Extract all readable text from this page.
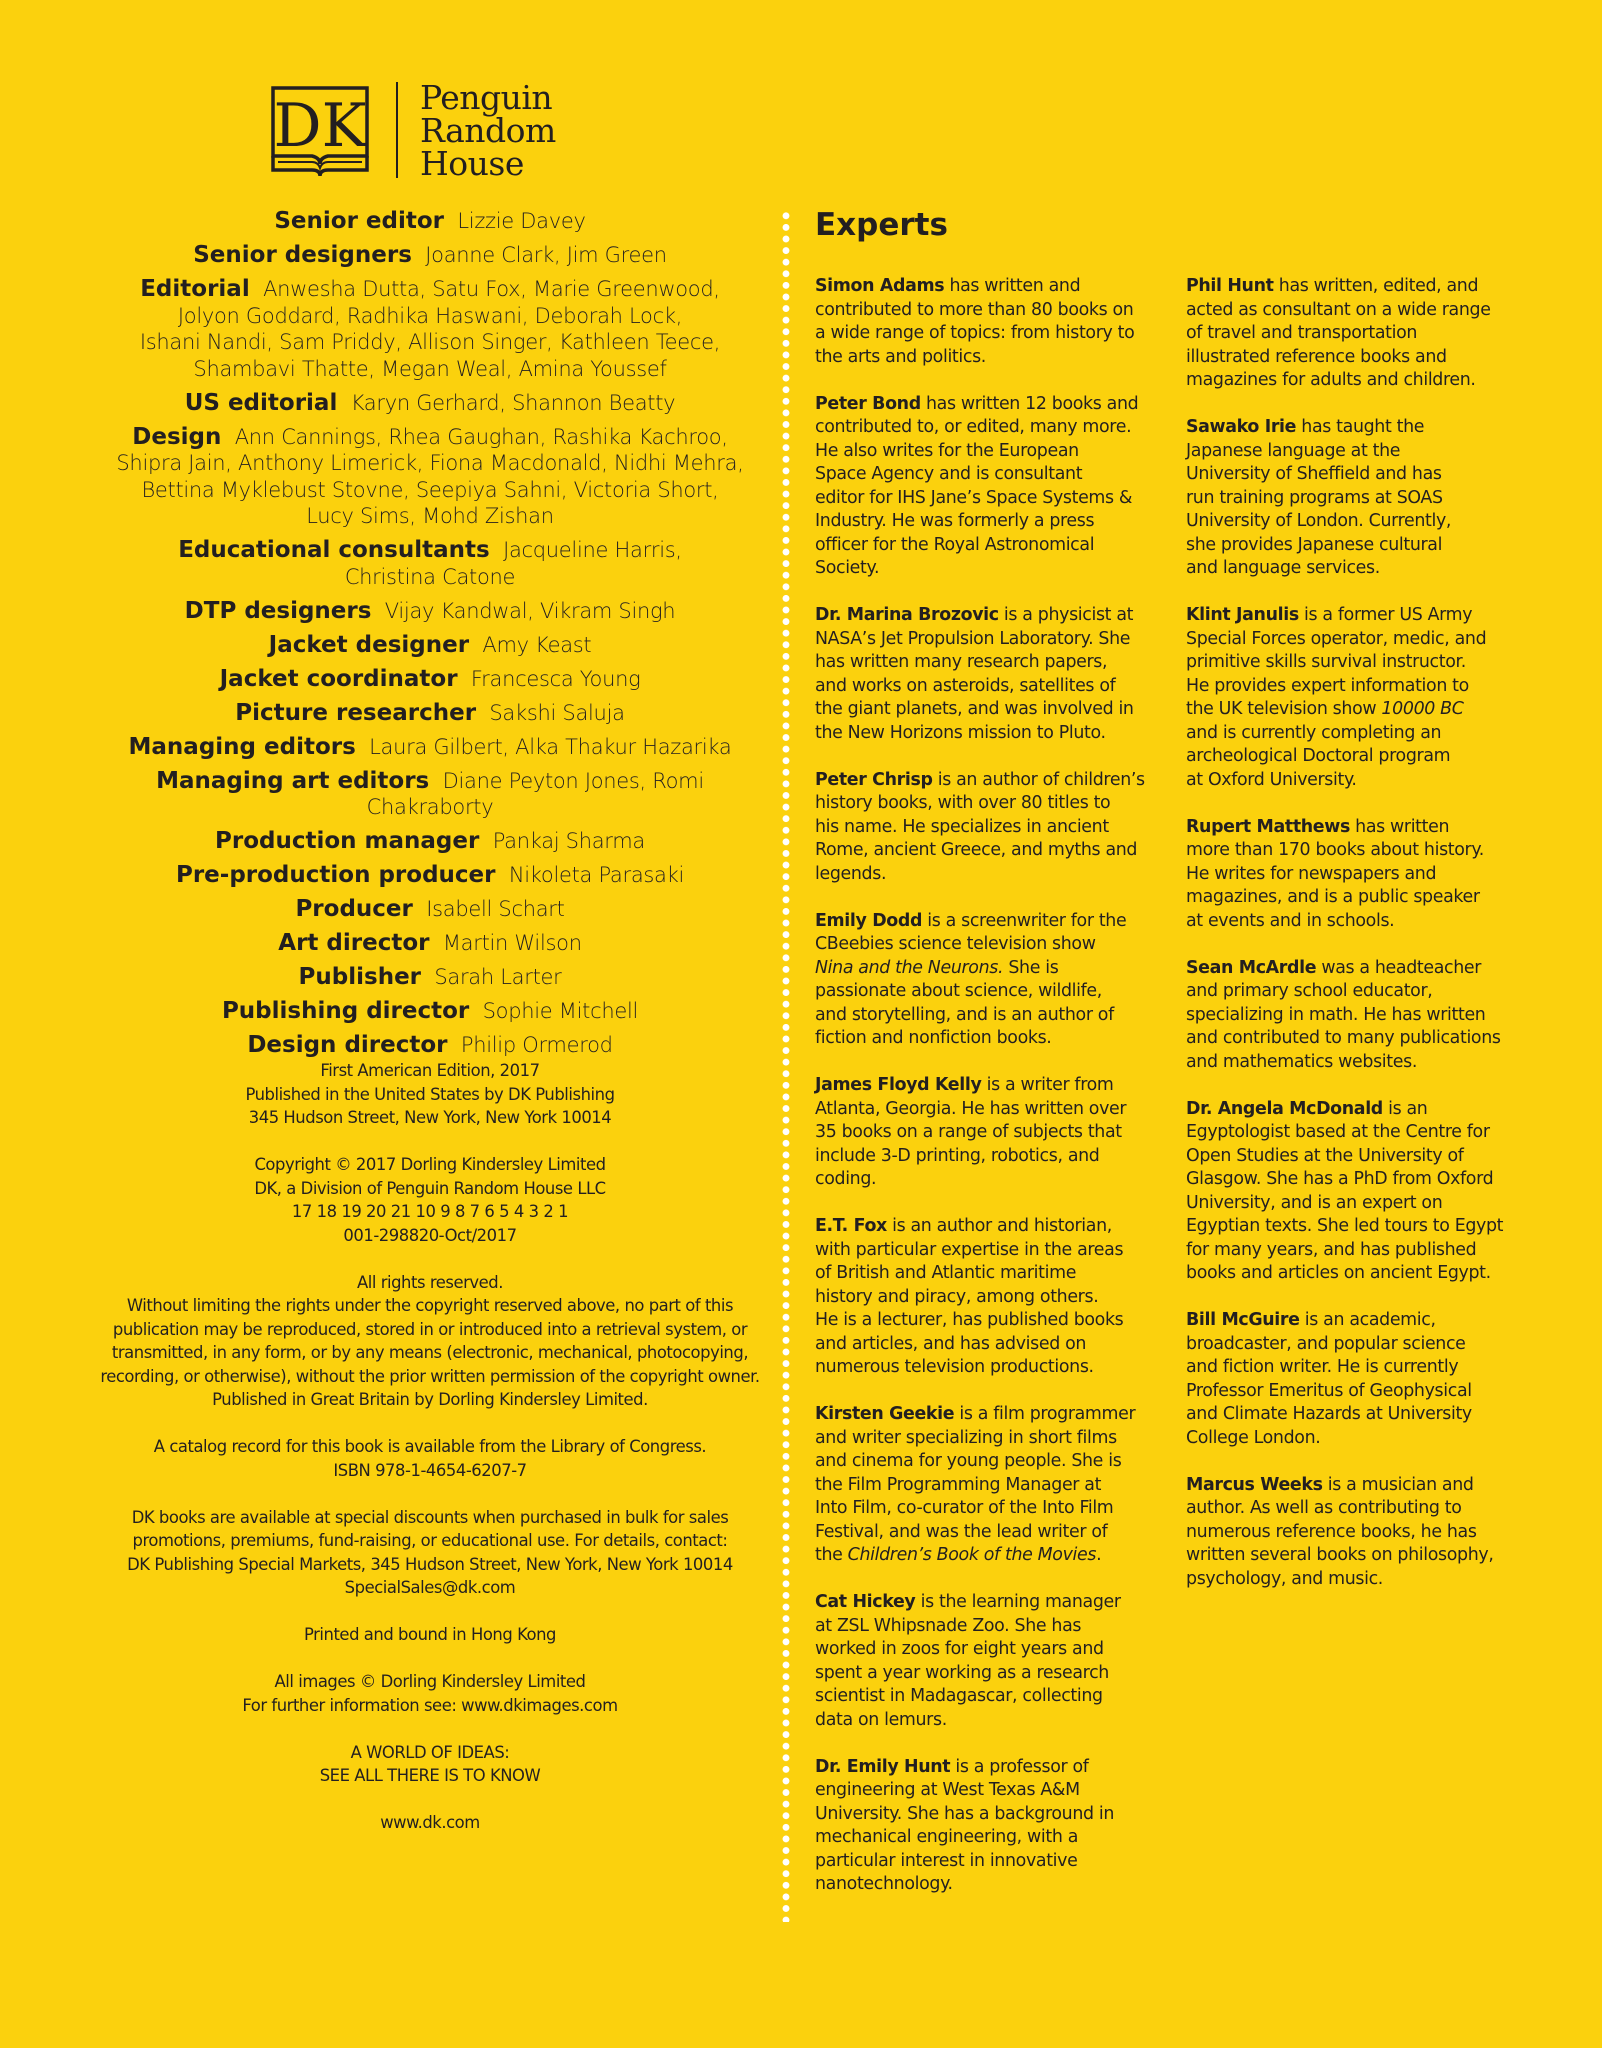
DK Penguin
Random
House
Senior editor Lizzie Davey
Senior designers Joanne Clark, Jim Green
Editorial Anwesha Dutta, Satu Fox, Marie Greenwood,
Jolyon Goddard, Radhika Haswani, Deborah Lock,
Ishani Nandi, Sam Priddy, Allison Singer, Kathleen Teece,
Shambavi Thatte, Megan Weal, Amina Youssef
US editorial Karyn Gerhard, Shannon Beatty
Design Ann Cannings, Rhea Gaughan, Rashika Kachroo,
Shipra Jain, Anthony Limerick, Fiona Macdonald, Nidhi Mehra,
Bettina Myklebust Stovne, Seepiya Sahni, Victoria Short,
Lucy Sims, Mohd Zishan
Educational consultants Jacqueline Harris,
Christina Catone
DTP designers Vijay Kandwal, Vikram Singh
Jacket designer Amy Keast
Jacket coordinator Francesca Young
Picture researcher Sakshi Saluja
Managing editors Laura Gilbert, Alka Thakur Hazarika
Managing art editors Diane Peyton Jones, Romi Chakraborty
Production manager Pankaj Sharma
Pre-production producer Nikoleta Parasaki
Producer Isabell Schart
Art director Martin Wilson
Publisher Sarah Larter
Publishing director Sophie Mitchell
Design director Philip Ormerod
First American Edition, 2017
Published in the United States by DK Publishing
345 Hudson Street, New York, New York 10014
Copyright © 2017 Dorling Kindersley Limited
DK, a Division of Penguin Random House LLC
17 18 19 20 21 10 9 8 7 6 5 4 3 2 1
001-298820-Oct/2017
All rights reserved.
Without limiting the rights under the copyright reserved above, no part of this
publication may be reproduced, stored in or introduced into a retrieval system, or
transmitted, in any form, or by any means (electronic, mechanical, photocopying,
recording, or otherwise), without the prior written permission of the copyright owner.
Published in Great Britain by Dorling Kindersley Limited.
A catalog record for this book is available from the Library of Congress.
ISBN 978-1-4654-6207-7
DK books are available at special discounts when purchased in bulk for sales
promotions, premiums, fund-raising, or educational use. For details, contact:
DK Publishing Special Markets, 345 Hudson Street, New York, New York 10014
SpecialSales@dk.com
Printed and bound in Hong Kong
All images © Dorling Kindersley Limited
For further information see: www.dkimages.com
A WORLD OF IDEAS:
SEE ALL THERE IS TO KNOW
www.dk.com
Experts
Simon Adams has written and
contributed to more than 80 books on
a wide range of topics: from history to
the arts and politics.
Peter Bond has written 12 books and
contributed to, or edited, many more.
He also writes for the European
Space Agency and is consultant
editor for IHS Jane’s Space Systems &
Industry. He was formerly a press
officer for the Royal Astronomical
Society.
Dr. Marina Brozovic is a physicist at
NASA’s Jet Propulsion Laboratory. She
has written many research papers,
and works on asteroids, satellites of
the giant planets, and was involved in
the New Horizons mission to Pluto.
Peter Chrisp is an author of children’s
history books, with over 80 titles to
his name. He specializes in ancient
Rome, ancient Greece, and myths and
legends.
Emily Dodd is a screenwriter for the
CBeebies science television show
Nina and the Neurons. She is
passionate about science, wildlife,
and storytelling, and is an author of
fiction and nonfiction books.
James Floyd Kelly is a writer from
Atlanta, Georgia. He has written over
35 books on a range of subjects that
include 3-D printing, robotics, and
coding.
E.T. Fox is an author and historian,
with particular expertise in the areas
of British and Atlantic maritime
history and piracy, among others.
He is a lecturer, has published books
and articles, and has advised on
numerous television productions.
Kirsten Geekie is a film programmer
and writer specializing in short films
and cinema for young people. She is
the Film Programming Manager at
Into Film, co-curator of the Into Film
Festival, and was the lead writer of
the Children’s Book of the Movies.
Cat Hickey is the learning manager
at ZSL Whipsnade Zoo. She has
worked in zoos for eight years and
spent a year working as a research
scientist in Madagascar, collecting
data on lemurs.
Dr. Emily Hunt is a professor of
engineering at West Texas A&M
University. She has a background in
mechanical engineering, with a
particular interest in innovative
nanotechnology.
Phil Hunt has written, edited, and
acted as consultant on a wide range
of travel and transportation
illustrated reference books and
magazines for adults and children.
Sawako Irie has taught the
Japanese language at the
University of Sheffield and has
run training programs at SOAS
University of London. Currently,
she provides Japanese cultural
and language services.
Klint Janulis is a former US Army
Special Forces operator, medic, and
primitive skills survival instructor.
He provides expert information to
the UK television show 10000 BC
and is currently completing an
archeological Doctoral program
at Oxford University.
Rupert Matthews has written
more than 170 books about history.
He writes for newspapers and
magazines, and is a public speaker
at events and in schools.
Sean McArdle was a headteacher
and primary school educator,
specializing in math. He has written
and contributed to many publications
and mathematics websites.
Dr. Angela McDonald is an
Egyptologist based at the Centre for
Open Studies at the University of
Glasgow. She has a PhD from Oxford
University, and is an expert on
Egyptian texts. She led tours to Egypt
for many years, and has published
books and articles on ancient Egypt.
Bill McGuire is an academic,
broadcaster, and popular science
and fiction writer. He is currently
Professor Emeritus of Geophysical
and Climate Hazards at University
College London.
Marcus Weeks is a musician and
author. As well as contributing to
numerous reference books, he has
written several books on philosophy,
psychology, and music.
